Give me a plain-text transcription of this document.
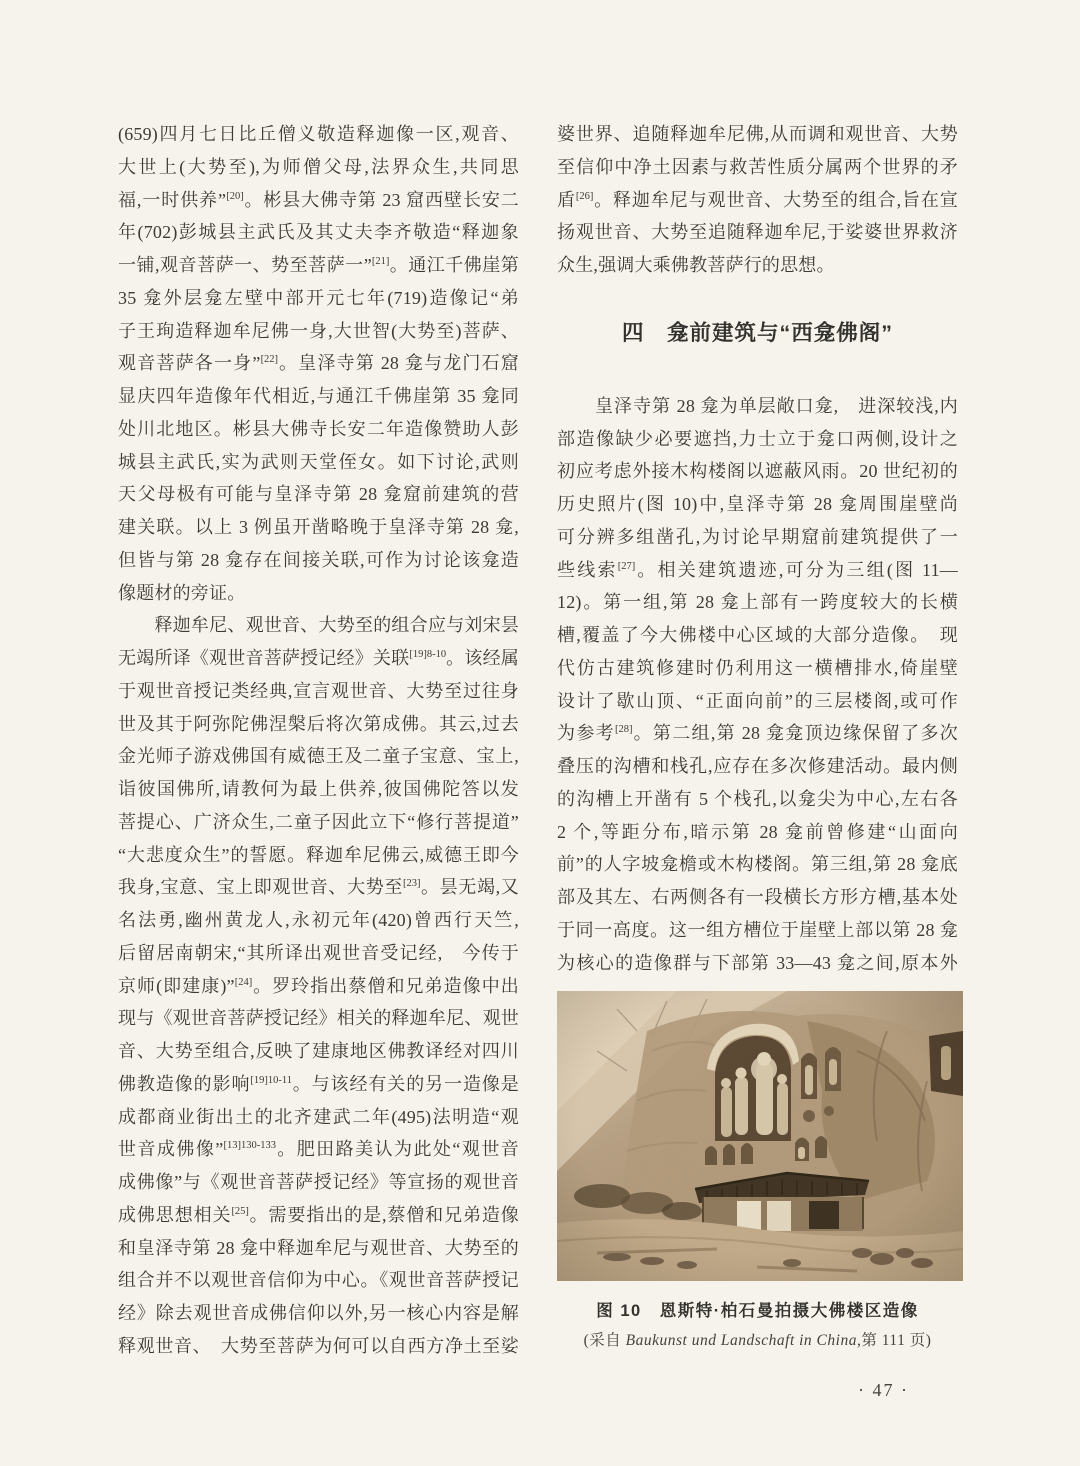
(659)四月七日比丘僧义敬造释迦像一区,观音、
大世上(大势至),为师僧父母,法界众生,共同思
福,一时供养”[20]。彬县大佛寺第 23 窟西壁长安二
年(702)彭城县主武氏及其丈夫李齐敬造“释迦象
一铺,观音菩萨一、势至菩萨一”[21]。通江千佛崖第
35 龛外层龛左壁中部开元七年(719)造像记“弟
子王珣造释迦牟尼佛一身,大世智(大势至)菩萨、
观音菩萨各一身”[22]。皇泽寺第 28 龛与龙门石窟
显庆四年造像年代相近,与通江千佛崖第 35 龛同
处川北地区。彬县大佛寺长安二年造像赞助人彭
城县主武氏,实为武则天堂侄女。如下讨论,武则
天父母极有可能与皇泽寺第 28 龛窟前建筑的营
建关联。以上 3 例虽开凿略晚于皇泽寺第 28 龛,
但皆与第 28 龛存在间接关联,可作为讨论该龛造
像题材的旁证。
　　释迦牟尼、观世音、大势至的组合应与刘宋昙
无竭所译《观世音菩萨授记经》关联$^{[19]8-10}$。该经属
于观世音授记类经典,宣言观世音、大势至过往身
世及其于阿弥陀佛涅槃后将次第成佛。其云,过去
金光师子游戏佛国有威德王及二童子宝意、宝上,
诣彼国佛所,请教何为最上供养,彼国佛陀答以发
菩提心、广济众生,二童子因此立下“修行菩提道”
“大悲度众生”的誓愿。释迦牟尼佛云,威德王即今
我身,宝意、宝上即观世音、大势至[23]。昙无竭,又
名法勇,幽州黄龙人,永初元年(420)曾西行天竺,
后留居南朝宋,“其所译出观世音受记经,　今传于
京师(即建康)”[24]。罗玲指出蔡僧和兄弟造像中出
现与《观世音菩萨授记经》相关的释迦牟尼、观世
音、大势至组合,反映了建康地区佛教译经对四川
佛教造像的影响$^{[19]10-11}$。与该经有关的另一造像是
成都商业街出土的北齐建武二年(495)法明造“观
世音成佛像”$^{[13]130-133}$。肥田路美认为此处“观世音
成佛像”与《观世音菩萨授记经》等宣扬的观世音
成佛思想相关[25]。需要指出的是,蔡僧和兄弟造像
和皇泽寺第 28 龛中释迦牟尼与观世音、大势至的
组合并不以观世音信仰为中心。《观世音菩萨授记
经》除去观世音成佛信仰以外,另一核心内容是解
释观世音、　大势至菩萨为何可以自西方净土至娑
婆世界、追随释迦牟尼佛,从而调和观世音、大势
至信仰中净土因素与救苦性质分属两个世界的矛
盾[26]。释迦牟尼与观世音、大势至的组合,旨在宣
扬观世音、大势至追随释迦牟尼,于娑婆世界救济
众生,强调大乘佛教菩萨行的思想。
四　龛前建筑与“西龛佛阁”
　　皇泽寺第 28 龛为单层敞口龛,　进深较浅,内
部造像缺少必要遮挡,力士立于龛口两侧,设计之
初应考虑外接木构楼阁以遮蔽风雨。20 世纪初的
历史照片(图 10)中,皇泽寺第 28 龛周围崖壁尚
可分辨多组凿孔,为讨论早期窟前建筑提供了一
些线索[27]。相关建筑遗迹,可分为三组(图 11—
12)。第一组,第 28 龛上部有一跨度较大的长横
槽,覆盖了今大佛楼中心区域的大部分造像。　现
代仿古建筑修建时仍利用这一横槽排水,倚崖壁
设计了歇山顶、“正面向前”的三层楼阁,或可作
为参考[28]。第二组,第 28 龛龛顶边缘保留了多次
叠压的沟槽和栈孔,应存在多次修建活动。最内侧
的沟槽上开凿有 5 个栈孔,以龛尖为中心,左右各
2 个,等距分布,暗示第 28 龛前曾修建“山面向
前”的人字坡龛檐或木构楼阁。第三组,第 28 龛底
部及其左、右两侧各有一段横长方形方槽,基本处
于同一高度。这一组方槽位于崖壁上部以第 28 龛
为核心的造像群与下部第 33—43 龛之间,原本外
图 10　恩斯特·柏石曼拍摄大佛楼区造像
(采自 Baukunst und Landschaft in China,第 111 页)
· 47 ·
